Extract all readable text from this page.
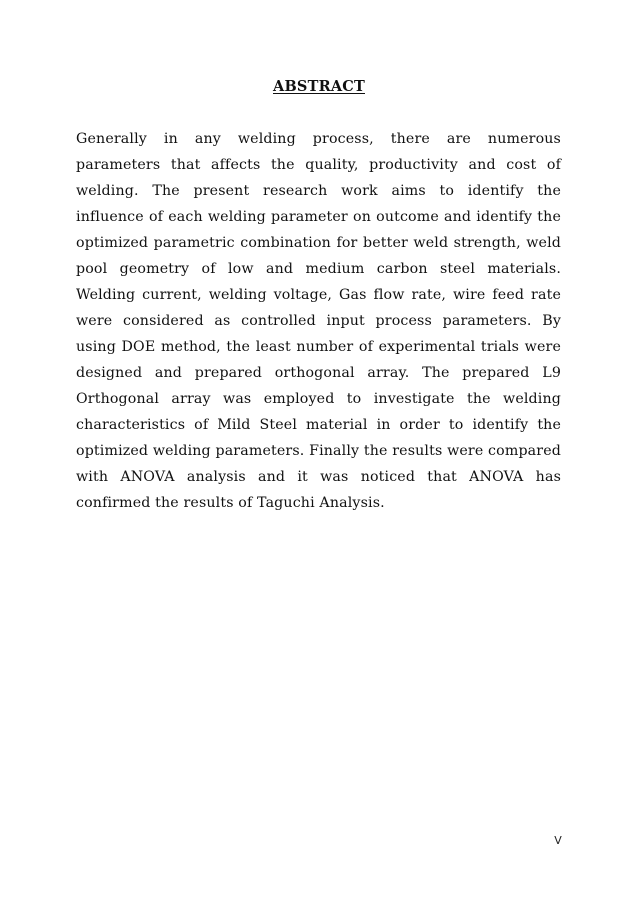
ABSTRACT

Generally in any welding process, there are numerous parameters that affects the quality, productivity and cost of welding. The present research work aims to identify the influence of each welding parameter on outcome and identify the optimized parametric combination for better weld strength, weld pool geometry of low and medium carbon steel materials. Welding current, welding voltage, Gas flow rate, wire feed rate were considered as controlled input process parameters. By using DOE method, the least number of experimental trials were designed and prepared orthogonal array. The prepared L9 Orthogonal array was employed to investigate the welding characteristics of Mild Steel material in order to identify the optimized welding parameters. Finally the results were compared with ANOVA analysis and it was noticed that ANOVA has confirmed the results of Taguchi Analysis.

V
